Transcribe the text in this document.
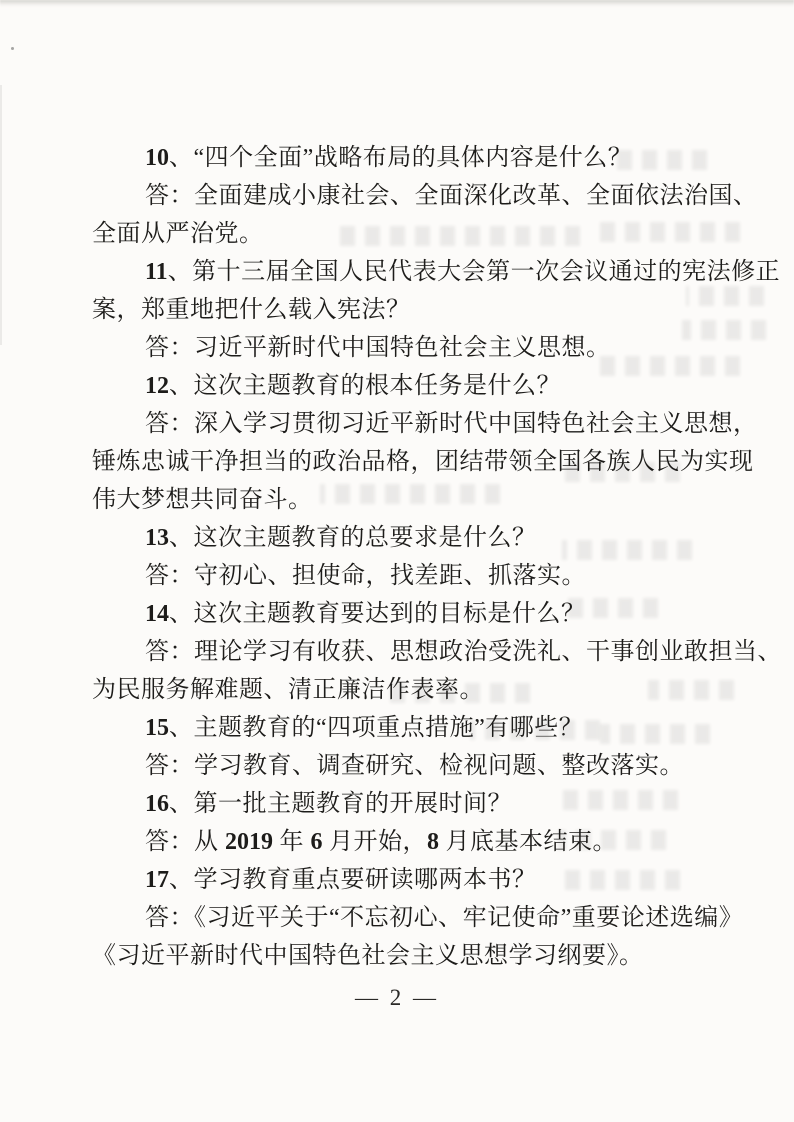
10、“四个全面”战略布局的具体内容是什么？
答：全面建成小康社会、全面深化改革、全面依法治国、
全面从严治党。
11、第十三届全国人民代表大会第一次会议通过的宪法修正
案，郑重地把什么载入宪法？
答：习近平新时代中国特色社会主义思想。
12、这次主题教育的根本任务是什么？
答：深入学习贯彻习近平新时代中国特色社会主义思想，
锤炼忠诚干净担当的政治品格，团结带领全国各族人民为实现
伟大梦想共同奋斗。
13、这次主题教育的总要求是什么？
答：守初心、担使命，找差距、抓落实。
14、这次主题教育要达到的目标是什么？
答：理论学习有收获、思想政治受洗礼、干事创业敢担当、
为民服务解难题、清正廉洁作表率。
15、主题教育的“四项重点措施”有哪些？
答：学习教育、调查研究、检视问题、整改落实。
16、第一批主题教育的开展时间？
答：从 2019 年 6 月开始，8 月底基本结束。
17、学习教育重点要研读哪两本书？
答：《习近平关于“不忘初心、牢记使命”重要论述选编》
《习近平新时代中国特色社会主义思想学习纲要》。
— 2 —
